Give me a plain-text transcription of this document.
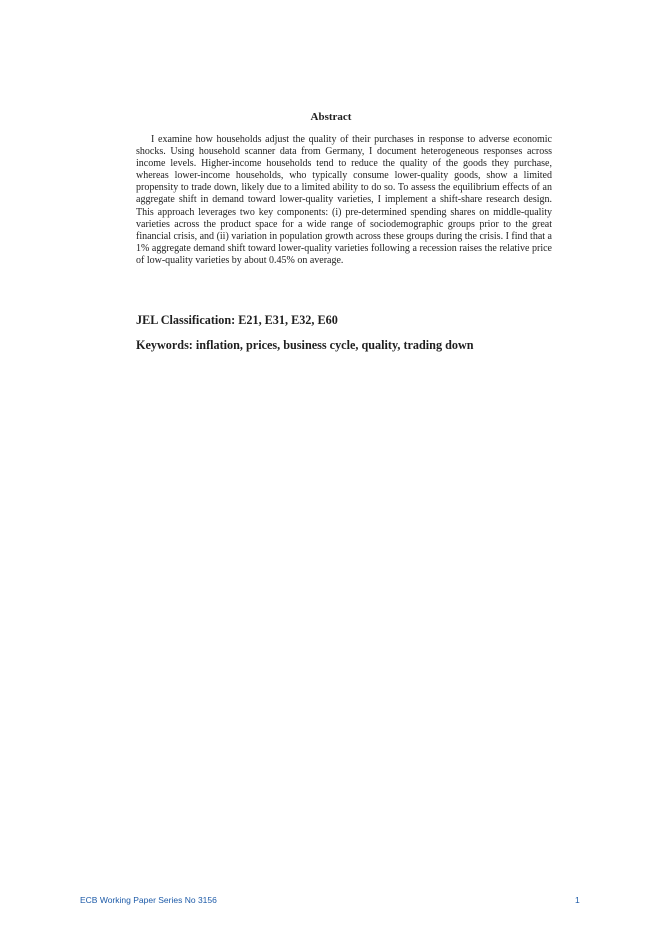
Abstract

I examine how households adjust the quality of their purchases in response to adverse economic shocks. Using household scanner data from Germany, I document heterogeneous responses across income levels. Higher-income households tend to reduce the quality of the goods they purchase, whereas lower-income households, who typically consume lower-quality goods, show a limited propensity to trade down, likely due to a limited ability to do so. To assess the equilibrium effects of an aggregate shift in demand toward lower-quality varieties, I implement a shift-share research design. This approach leverages two key components: (i) pre-determined spending shares on middle-quality varieties across the product space for a wide range of sociodemographic groups prior to the great financial crisis, and (ii) variation in population growth across these groups during the crisis. I find that a 1% aggregate demand shift toward lower-quality varieties following a recession raises the relative price of low-quality varieties by about 0.45% on average.

JEL Classification: E21, E31, E32, E60
Keywords: inflation, prices, business cycle, quality, trading down
ECB Working Paper Series No 3156	1
